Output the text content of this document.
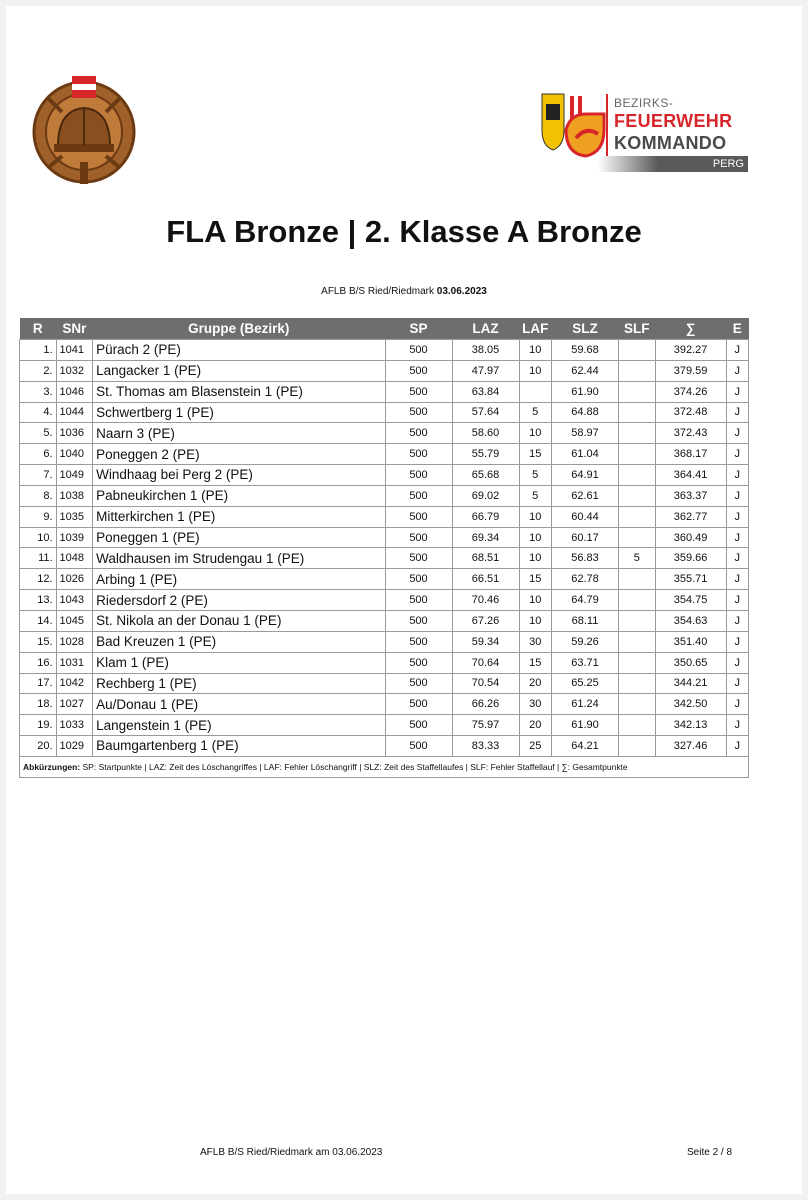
BEZIRKS-
FEUERWEHR
KOMMANDO
PERG
FLA Bronze | 2. Klasse A Bronze
AFLB B/S Ried/Riedmark 03.06.2023
R	SNr	Gruppe (Bezirk)	SP	LAZ	LAF	SLZ	SLF	∑	E
1.	1041	Pürach 2 (PE)	500	38.05	10	59.68		392.27	J
2.	1032	Langacker 1 (PE)	500	47.97	10	62.44		379.59	J
3.	1046	St. Thomas am Blasenstein 1 (PE)	500	63.84		61.90		374.26	J
4.	1044	Schwertberg 1 (PE)	500	57.64	5	64.88		372.48	J
5.	1036	Naarn 3 (PE)	500	58.60	10	58.97		372.43	J
6.	1040	Poneggen 2 (PE)	500	55.79	15	61.04		368.17	J
7.	1049	Windhaag bei Perg 2 (PE)	500	65.68	5	64.91		364.41	J
8.	1038	Pabneukirchen 1 (PE)	500	69.02	5	62.61		363.37	J
9.	1035	Mitterkirchen 1 (PE)	500	66.79	10	60.44		362.77	J
10.	1039	Poneggen 1 (PE)	500	69.34	10	60.17		360.49	J
11.	1048	Waldhausen im Strudengau 1 (PE)	500	68.51	10	56.83	5	359.66	J
12.	1026	Arbing 1 (PE)	500	66.51	15	62.78		355.71	J
13.	1043	Riedersdorf 2 (PE)	500	70.46	10	64.79		354.75	J
14.	1045	St. Nikola an der Donau 1 (PE)	500	67.26	10	68.11		354.63	J
15.	1028	Bad Kreuzen 1 (PE)	500	59.34	30	59.26		351.40	J
16.	1031	Klam 1 (PE)	500	70.64	15	63.71		350.65	J
17.	1042	Rechberg 1 (PE)	500	70.54	20	65.25		344.21	J
18.	1027	Au/Donau 1 (PE)	500	66.26	30	61.24		342.50	J
19.	1033	Langenstein 1 (PE)	500	75.97	20	61.90		342.13	J
20.	1029	Baumgartenberg 1 (PE)	500	83.33	25	64.21		327.46	J
Abkürzungen: SP: Startpunkte | LAZ: Zeit des Löschangriffes | LAF: Fehler Löschangriff | SLZ: Zeit des Staffellaufes | SLF: Fehler Staffellauf | ∑: Gesamtpunkte									
AFLB B/S Ried/Riedmark am 03.06.2023	Seite 2 / 8
